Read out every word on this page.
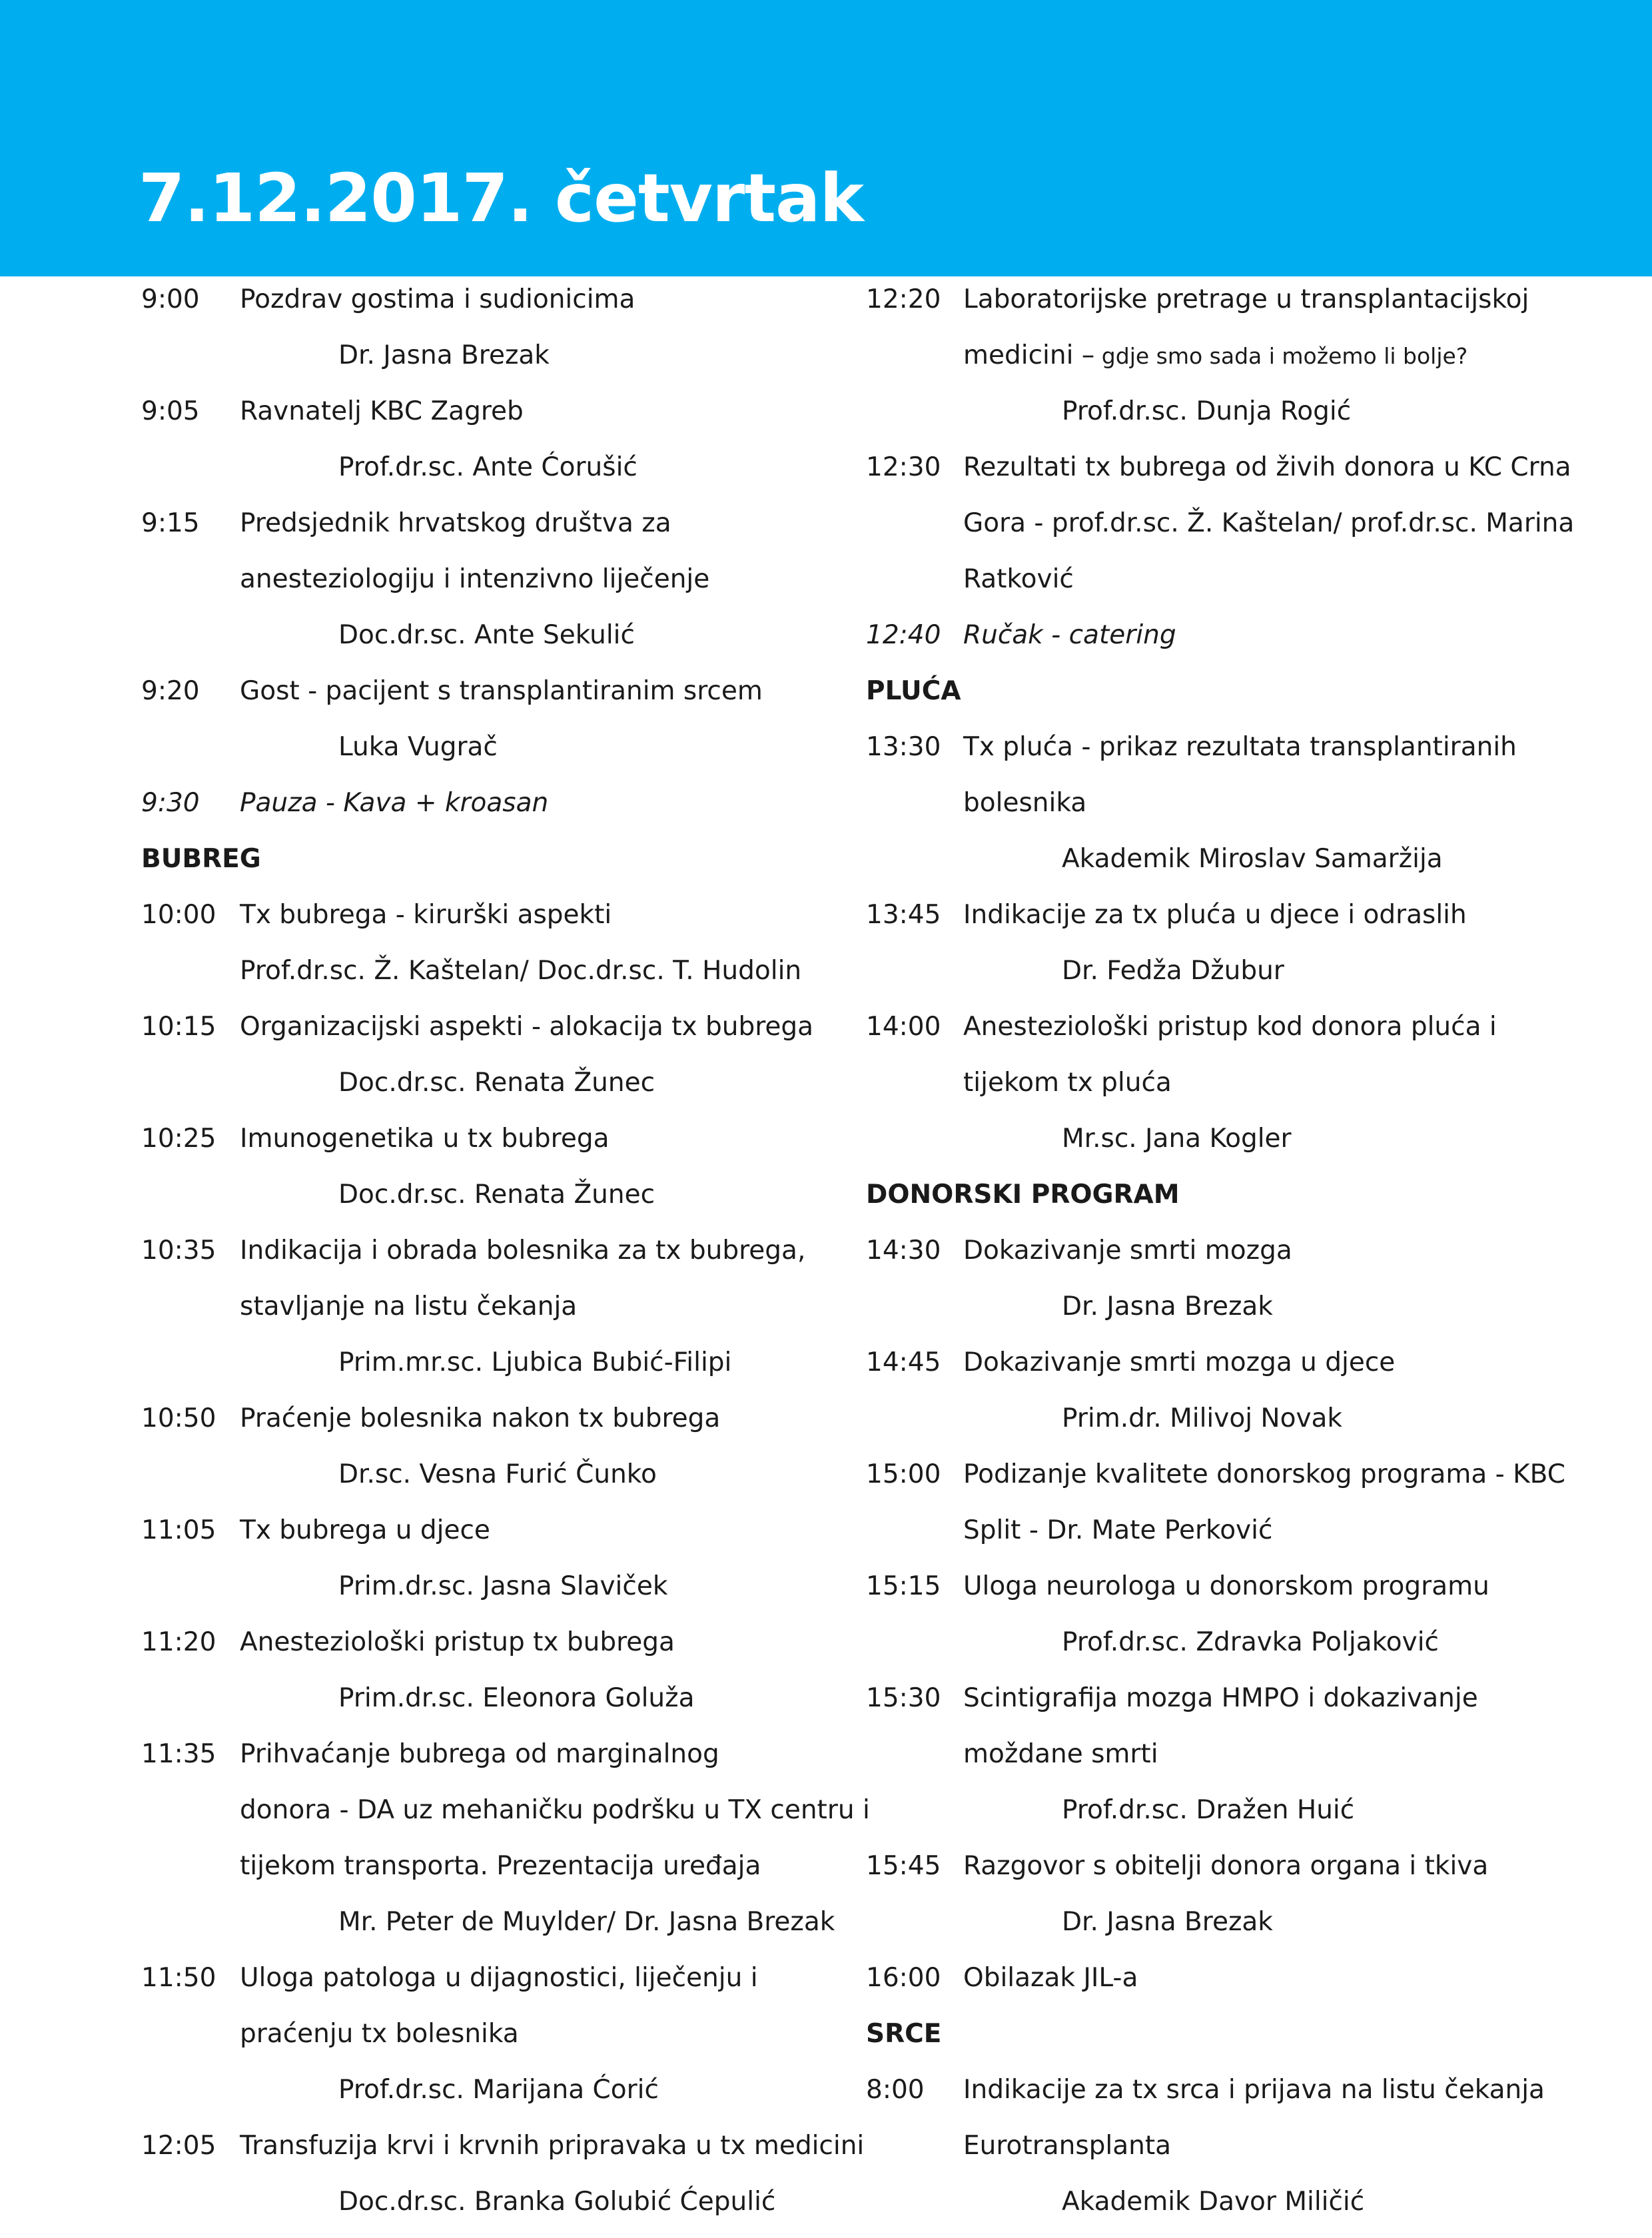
7.12.2017. četvrtak
9:00 Pozdrav gostima i sudionicima
Dr. Jasna Brezak
9:05 Ravnatelj KBC Zagreb
Prof.dr.sc. Ante Ćorušić
9:15 Predsjednik hrvatskog društva za
anesteziologiju i intenzivno liječenje
Doc.dr.sc. Ante Sekulić
9:20 Gost - pacijent s transplantiranim srcem
Luka Vugrač
9:30 Pauza - Kava + kroasan
BUBREG
10:00 Tx bubrega - kirurški aspekti
Prof.dr.sc. Ž. Kaštelan/ Doc.dr.sc. T. Hudolin
10:15 Organizacijski aspekti - alokacija tx bubrega
Doc.dr.sc. Renata Žunec
10:25 Imunogenetika u tx bubrega
Doc.dr.sc. Renata Žunec
10:35 Indikacija i obrada bolesnika za tx bubrega,
stavljanje na listu čekanja
Prim.mr.sc. Ljubica Bubić-Filipi
10:50 Praćenje bolesnika nakon tx bubrega
Dr.sc. Vesna Furić Čunko
11:05 Tx bubrega u djece
Prim.dr.sc. Jasna Slaviček
11:20 Anesteziološki pristup tx bubrega
Prim.dr.sc. Eleonora Goluža
11:35 Prihvaćanje bubrega od marginalnog
donora - DA uz mehaničku podršku u TX centru i
tijekom transporta. Prezentacija uređaja
Mr. Peter de Muylder/ Dr. Jasna Brezak
11:50 Uloga patologa u dijagnostici, liječenju i
praćenju tx bolesnika
Prof.dr.sc. Marijana Ćorić
12:05 Transfuzija krvi i krvnih pripravaka u tx medicini
Doc.dr.sc. Branka Golubić Ćepulić
12:20 Laboratorijske pretrage u transplantacijskoj
medicini – gdje smo sada i možemo li bolje?
Prof.dr.sc. Dunja Rogić
12:30 Rezultati tx bubrega od živih donora u KC Crna
Gora - prof.dr.sc. Ž. Kaštelan/ prof.dr.sc. Marina
Ratković
12:40 Ručak - catering
PLUĆA
13:30 Tx pluća - prikaz rezultata transplantiranih
bolesnika
Akademik Miroslav Samaržija
13:45 Indikacije za tx pluća u djece i odraslih
Dr. Fedža Džubur
14:00 Anesteziološki pristup kod donora pluća i
tijekom tx pluća
Mr.sc. Jana Kogler
DONORSKI PROGRAM
14:30 Dokazivanje smrti mozga
Dr. Jasna Brezak
14:45 Dokazivanje smrti mozga u djece
Prim.dr. Milivoj Novak
15:00 Podizanje kvalitete donorskog programa - KBC
Split - Dr. Mate Perković
15:15 Uloga neurologa u donorskom programu
Prof.dr.sc. Zdravka Poljaković
15:30 Scintigrafija mozga HMPO i dokazivanje
moždane smrti
Prof.dr.sc. Dražen Huić
15:45 Razgovor s obitelji donora organa i tkiva
Dr. Jasna Brezak
16:00 Obilazak JIL-a
SRCE
8:00 Indikacije za tx srca i prijava na listu čekanja
Eurotransplanta
Akademik Davor Miličić
